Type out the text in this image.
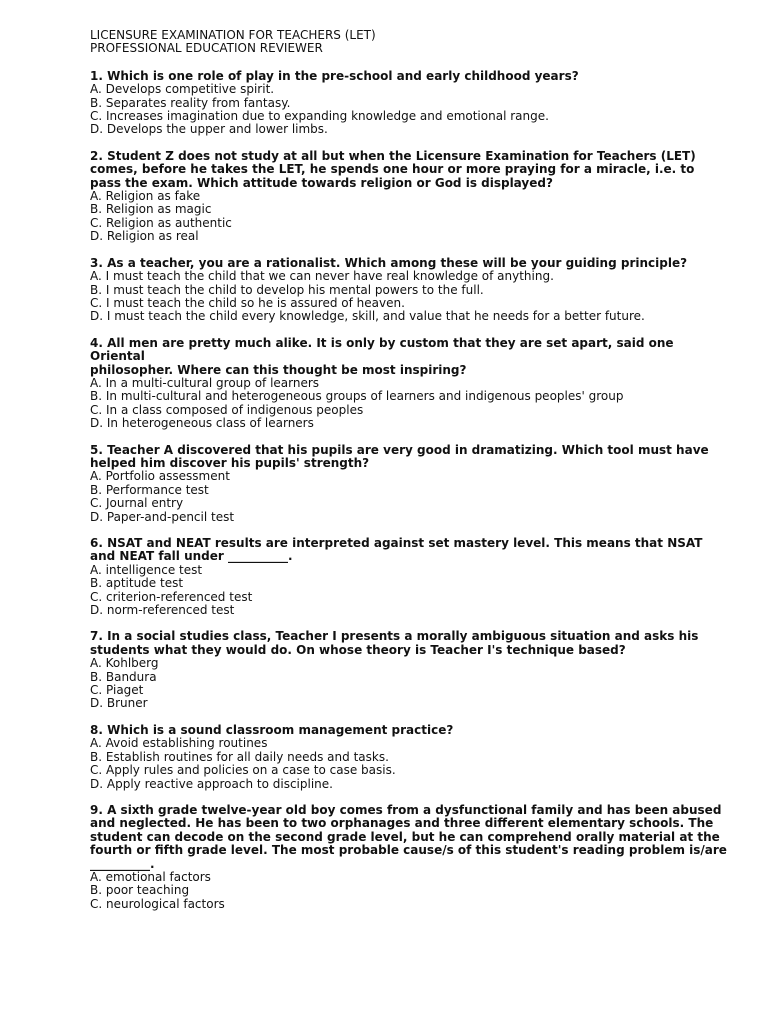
LICENSURE EXAMINATION FOR TEACHERS (LET)
PROFESSIONAL EDUCATION REVIEWER
1. Which is one role of play in the pre-school and early childhood years?
A. Develops competitive spirit.
B. Separates reality from fantasy.
C. Increases imagination due to expanding knowledge and emotional range.
D. Develops the upper and lower limbs.
2. Student Z does not study at all but when the Licensure Examination for Teachers (LET) comes, before he takes the LET, he spends one hour or more praying for a miracle, i.e. to pass the exam. Which attitude towards religion or God is displayed?
A. Religion as fake
B. Religion as magic
C. Religion as authentic
D. Religion as real
3. As a teacher, you are a rationalist. Which among these will be your guiding principle?
A. I must teach the child that we can never have real knowledge of anything.
B. I must teach the child to develop his mental powers to the full.
C. I must teach the child so he is assured of heaven.
D. I must teach the child every knowledge, skill, and value that he needs for a better future.
4. All men are pretty much alike. It is only by custom that they are set apart, said one Oriental
philosopher. Where can this thought be most inspiring?
A. In a multi-cultural group of learners
B. In multi-cultural and heterogeneous groups of learners and indigenous peoples' group
C. In a class composed of indigenous peoples
D. In heterogeneous class of learners
5. Teacher A discovered that his pupils are very good in dramatizing. Which tool must have helped him discover his pupils' strength?
A. Portfolio assessment
B. Performance test
C. Journal entry
D. Paper-and-pencil test
6. NSAT and NEAT results are interpreted against set mastery level. This means that NSAT and NEAT fall under __________.
A. intelligence test
B. aptitude test
C. criterion-referenced test
D. norm-referenced test
7. In a social studies class, Teacher I presents a morally ambiguous situation and asks his students what they would do. On whose theory is Teacher I's technique based?
A. Kohlberg
B. Bandura
C. Piaget
D. Bruner
8. Which is a sound classroom management practice?
A. Avoid establishing routines
B. Establish routines for all daily needs and tasks.
C. Apply rules and policies on a case to case basis.
D. Apply reactive approach to discipline.
9. A sixth grade twelve-year old boy comes from a dysfunctional family and has been abused and neglected. He has been to two orphanages and three different elementary schools. The student can decode on the second grade level, but he can comprehend orally material at the fourth or fifth grade level. The most probable cause/s of this student's reading problem is/are __________.
A. emotional factors
B. poor teaching
C. neurological factors
